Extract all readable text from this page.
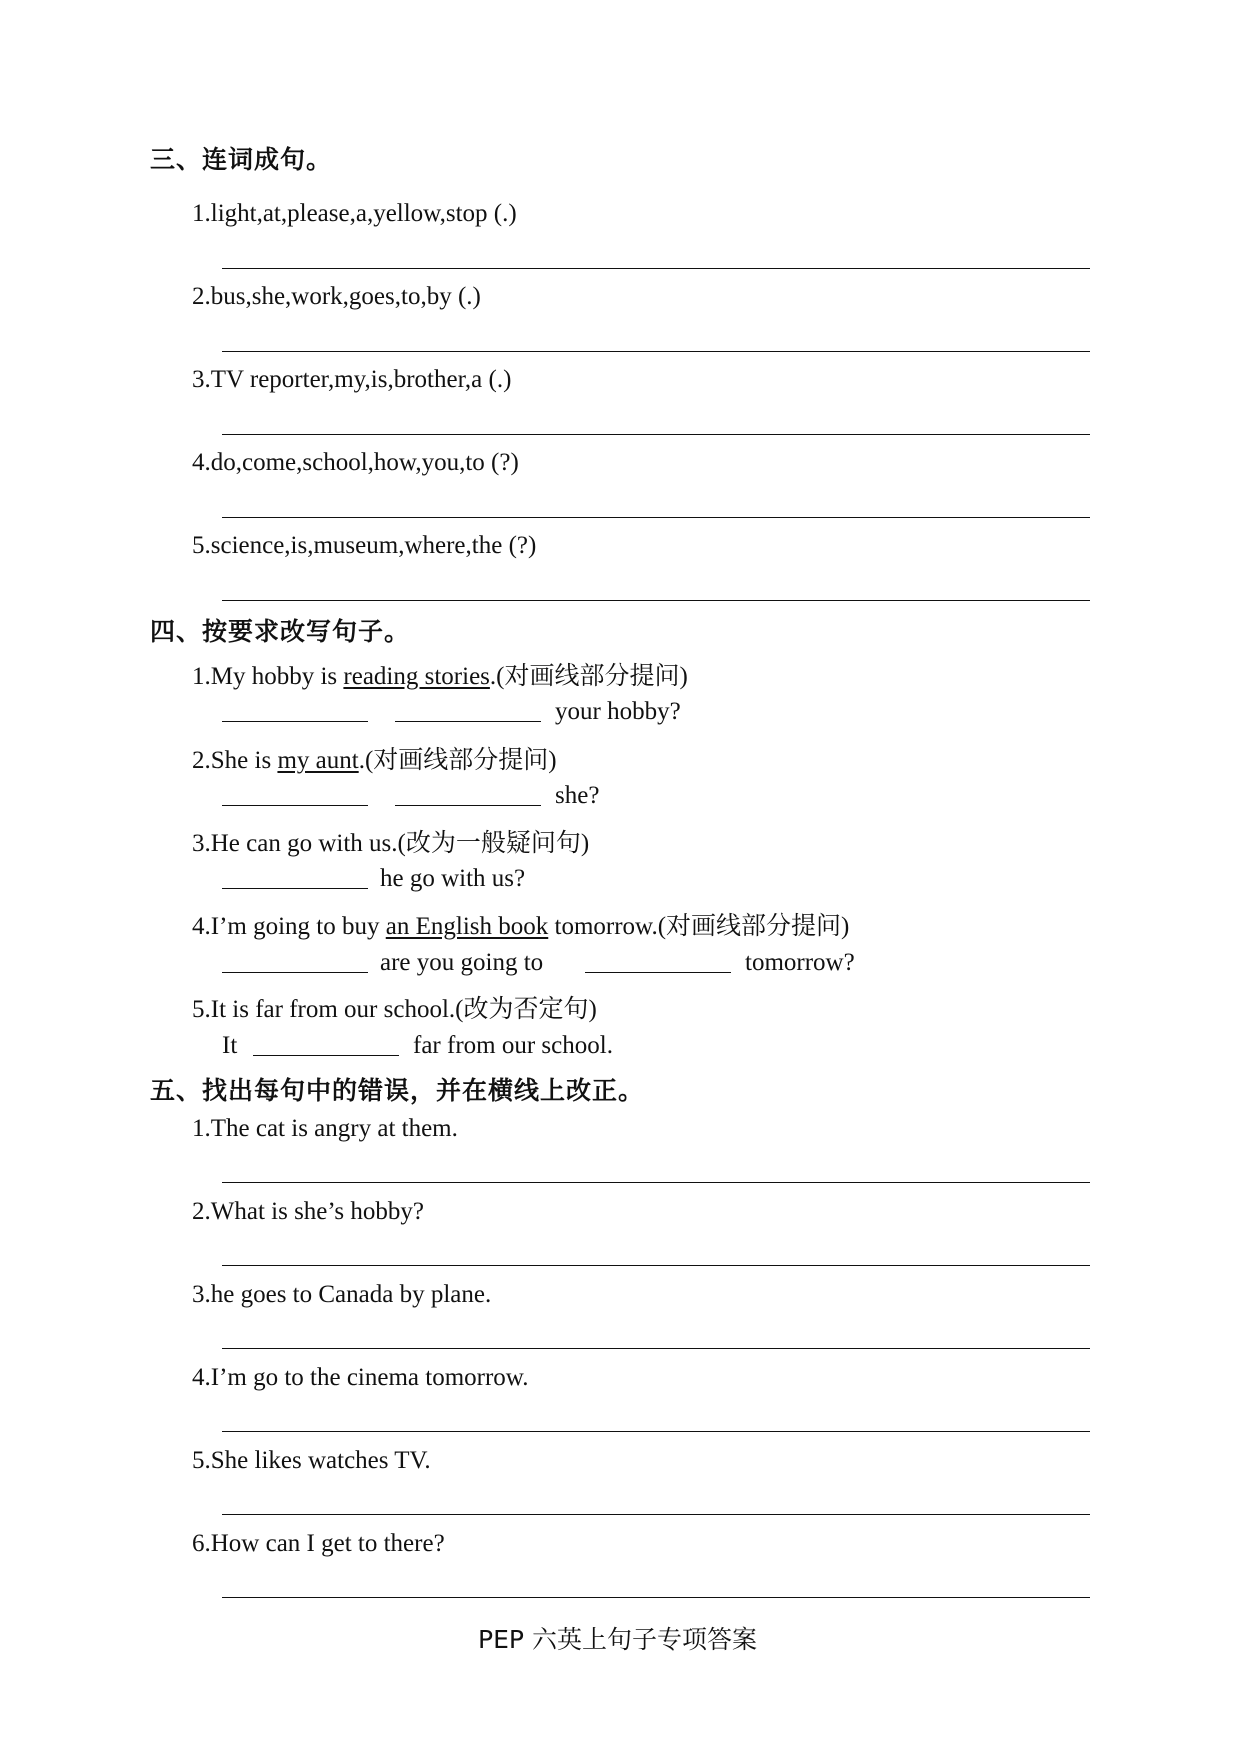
三、连词成句。
1.light,at,please,a,yellow,stop (.)
2.bus,she,work,goes,to,by (.)
3.TV reporter,my,is,brother,a (.)
4.do,come,school,how,you,to (?)
5.science,is,museum,where,the (?)
四、按要求改写句子。
1.My hobby is reading stories.(对画线部分提问)
your hobby?
2.She is my aunt.(对画线部分提问)
she?
3.He can go with us.(改为一般疑问句)
he go with us?
4.I’m going to buy an English book tomorrow.(对画线部分提问)
are you going to	tomorrow?
5.It is far from our school.(改为否定句)
It	far from our school.
五、找出每句中的错误，并在横线上改正。
1.The cat is angry at them.
2.What is she’s hobby?
3.he goes to Canada by plane.
4.I’m go to the cinema tomorrow.
5.She likes watches TV.
6.How can I get to there?
PEP 六英上句子专项答案
